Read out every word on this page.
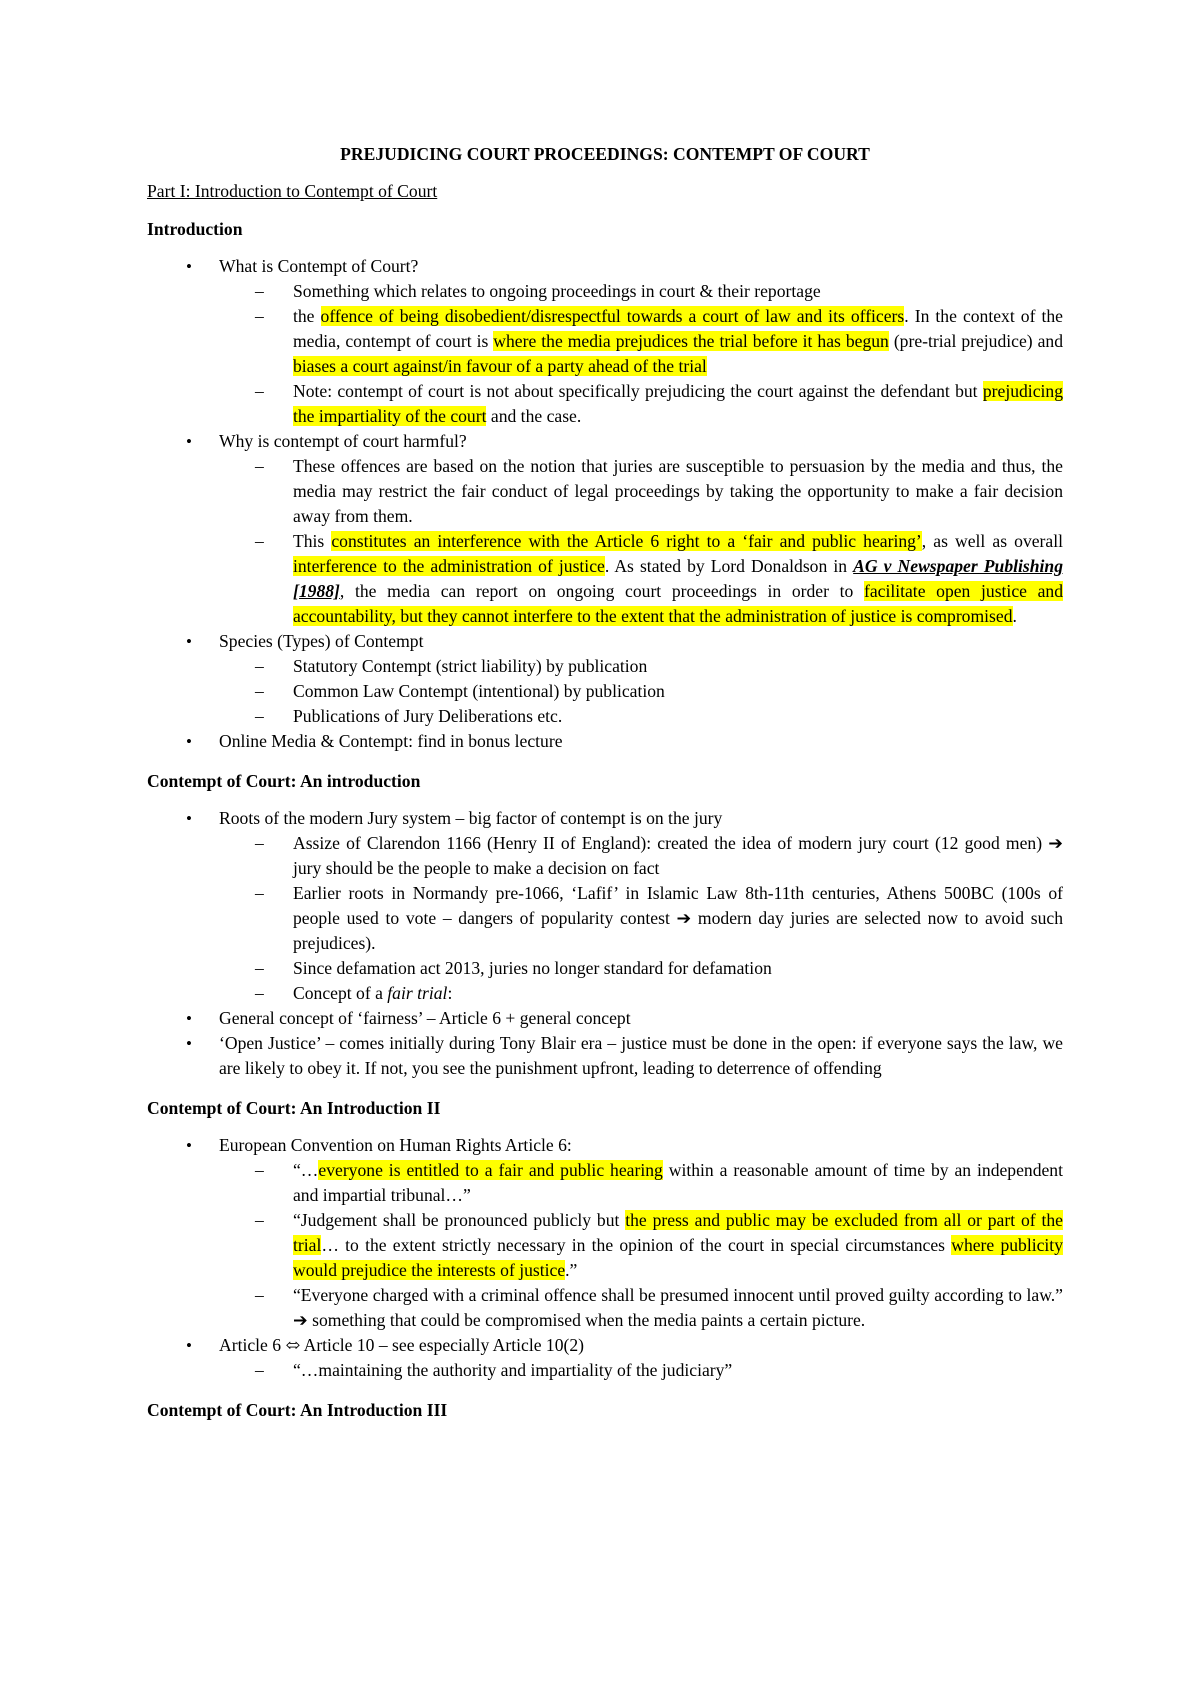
PREJUDICING COURT PROCEEDINGS: CONTEMPT OF COURT
Part I: Introduction to Contempt of Court
Introduction
• What is Contempt of Court?
– Something which relates to ongoing proceedings in court & their reportage
– the offence of being disobedient/disrespectful towards a court of law and its officers. In the context of the media, contempt of court is where the media prejudices the trial before it has begun (pre-trial prejudice) and biases a court against/in favour of a party ahead of the trial
– Note: contempt of court is not about specifically prejudicing the court against the defendant but prejudicing the impartiality of the court and the case.
• Why is contempt of court harmful?
– These offences are based on the notion that juries are susceptible to persuasion by the media and thus, the media may restrict the fair conduct of legal proceedings by taking the opportunity to make a fair decision away from them.
– This constitutes an interference with the Article 6 right to a ‘fair and public hearing’, as well as overall interference to the administration of justice. As stated by Lord Donaldson in AG v Newspaper Publishing [1988], the media can report on ongoing court proceedings in order to facilitate open justice and accountability, but they cannot interfere to the extent that the administration of justice is compromised.
• Species (Types) of Contempt
– Statutory Contempt (strict liability) by publication
– Common Law Contempt (intentional) by publication
– Publications of Jury Deliberations etc.
• Online Media & Contempt: find in bonus lecture
Contempt of Court: An introduction
• Roots of the modern Jury system – big factor of contempt is on the jury
– Assize of Clarendon 1166 (Henry II of England): created the idea of modern jury court (12 good men) ➔ jury should be the people to make a decision on fact
– Earlier roots in Normandy pre-1066, ‘Lafif’ in Islamic Law 8th-11th centuries, Athens 500BC (100s of people used to vote – dangers of popularity contest ➔ modern day juries are selected now to avoid such prejudices).
– Since defamation act 2013, juries no longer standard for defamation
– Concept of a fair trial:
• General concept of ‘fairness’ – Article 6 + general concept
• ‘Open Justice’ – comes initially during Tony Blair era – justice must be done in the open: if everyone says the law, we are likely to obey it. If not, you see the punishment upfront, leading to deterrence of offending
Contempt of Court: An Introduction II
• European Convention on Human Rights Article 6:
– “…everyone is entitled to a fair and public hearing within a reasonable amount of time by an independent and impartial tribunal…”
– “Judgement shall be pronounced publicly but the press and public may be excluded from all or part of the trial… to the extent strictly necessary in the opinion of the court in special circumstances where publicity would prejudice the interests of justice.”
– “Everyone charged with a criminal offence shall be presumed innocent until proved guilty according to law.” ➔ something that could be compromised when the media paints a certain picture.
• Article 6 ⬄ Article 10 – see especially Article 10(2)
– “…maintaining the authority and impartiality of the judiciary”
Contempt of Court: An Introduction III
